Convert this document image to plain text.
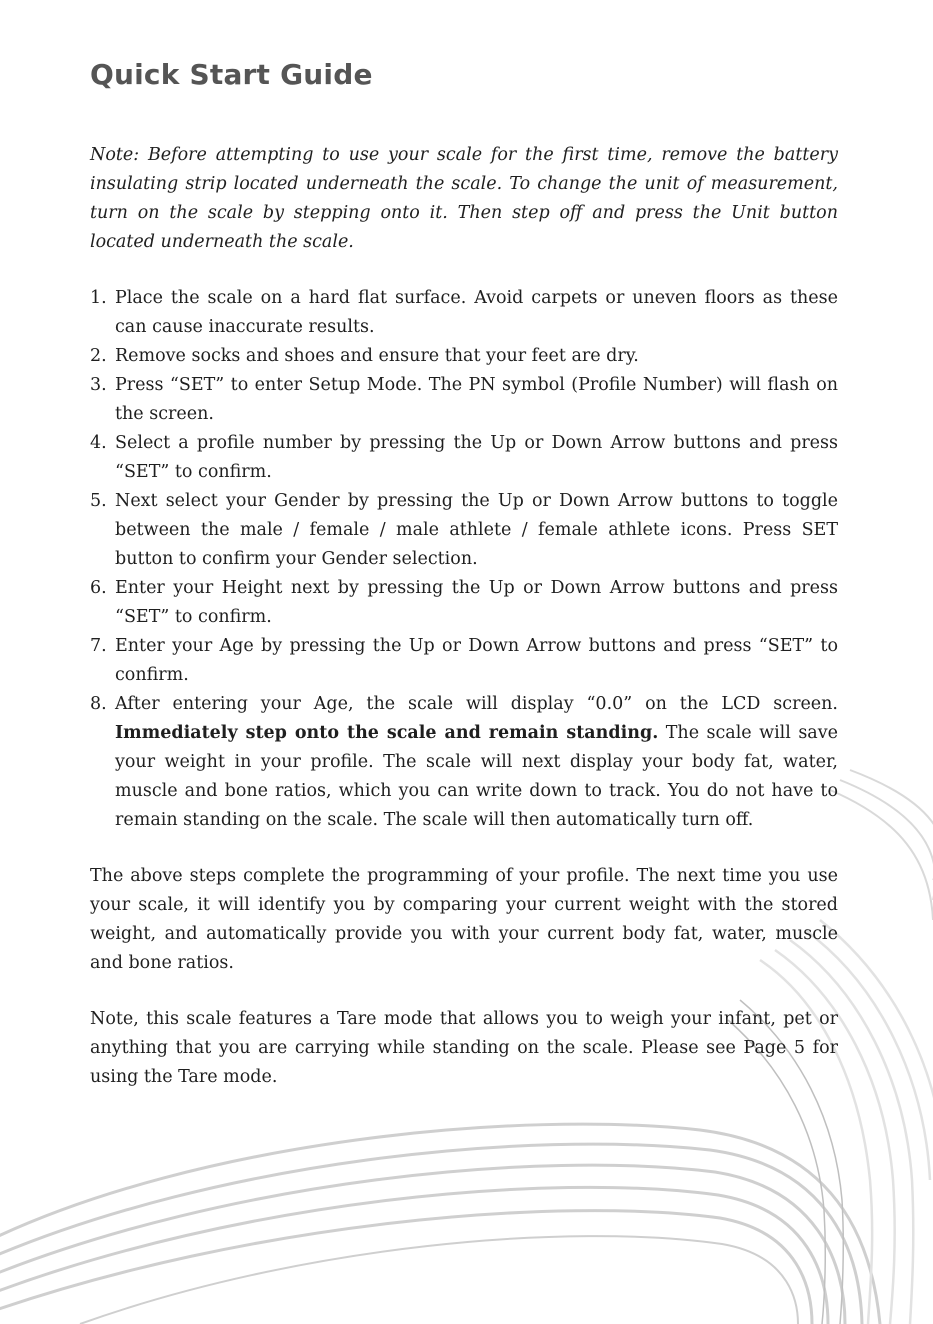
Quick Start Guide

Note: Before attempting to use your scale for the first time, remove the battery insulating strip located underneath the scale. To change the unit of measurement, turn on the scale by stepping onto it. Then step off and press the Unit button located underneath the scale.

1. Place the scale on a hard flat surface. Avoid carpets or uneven floors as these can cause inaccurate results.
2. Remove socks and shoes and ensure that your feet are dry.
3. Press “SET” to enter Setup Mode. The PN symbol (Profile Number) will flash on the screen.
4. Select a profile number by pressing the Up or Down Arrow buttons and press “SET” to confirm.
5. Next select your Gender by pressing the Up or Down Arrow buttons to toggle between the male / female / male athlete / female athlete icons. Press SET button to confirm your Gender selection.
6. Enter your Height next by pressing the Up or Down Arrow buttons and press “SET” to confirm.
7. Enter your Age by pressing the Up or Down Arrow buttons and press “SET” to confirm.
8. After entering your Age, the scale will display “0.0” on the LCD screen. Immediately step onto the scale and remain standing. The scale will save your weight in your profile. The scale will next display your body fat, water, muscle and bone ratios, which you can write down to track. You do not have to remain standing on the scale. The scale will then automatically turn off.

The above steps complete the programming of your profile. The next time you use your scale, it will identify you by comparing your current weight with the stored weight, and automatically provide you with your current body fat, water, muscle and bone ratios.

Note, this scale features a Tare mode that allows you to weigh your infant, pet or anything that you are carrying while standing on the scale. Please see Page 5 for using the Tare mode.
